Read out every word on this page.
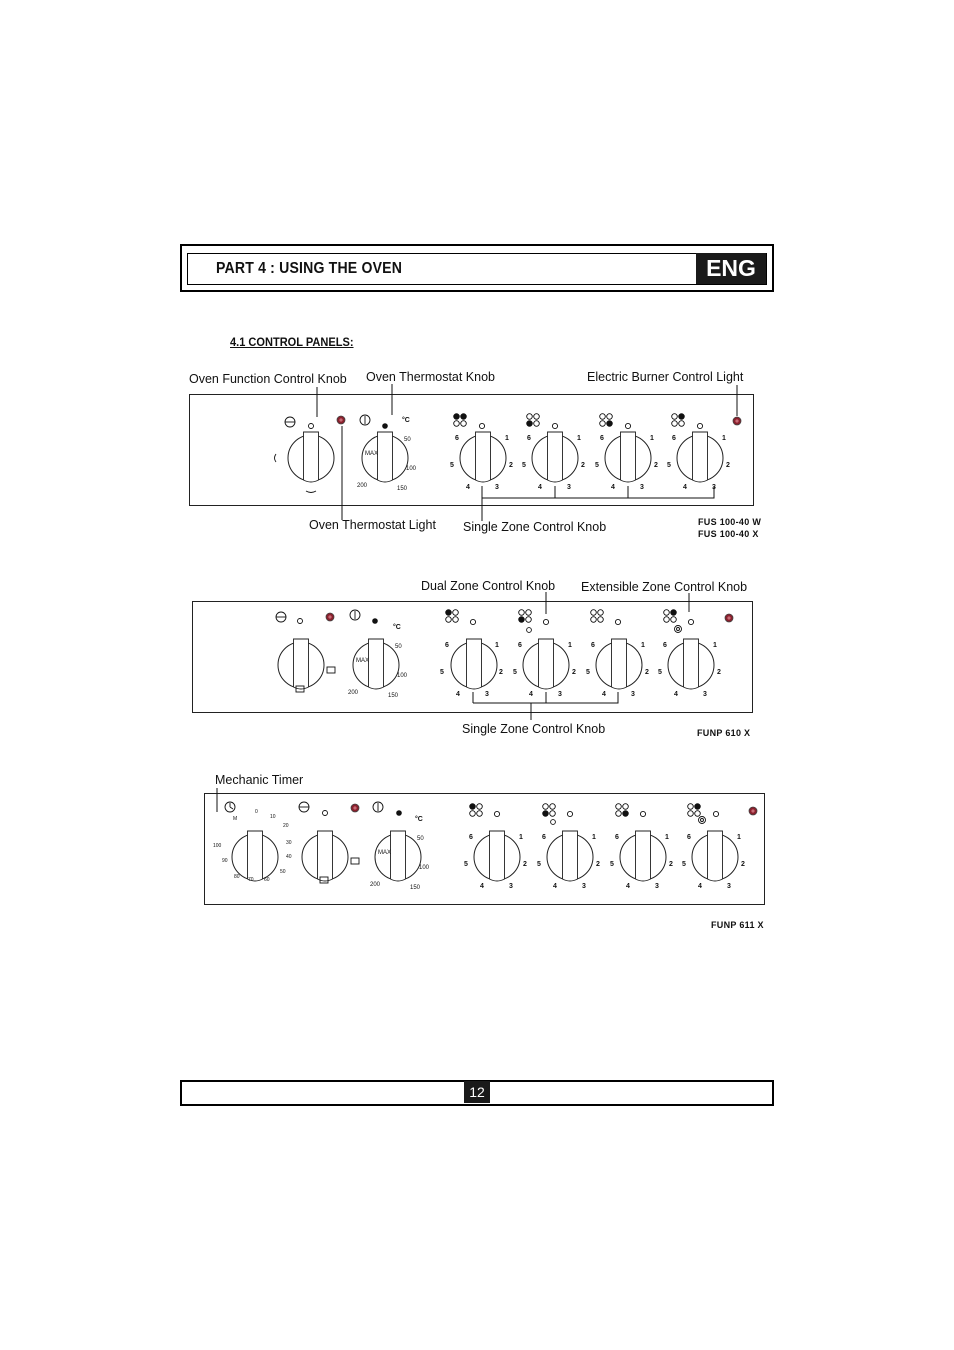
PART 4 : USING THE OVEN	ENG
4.1 CONTROL PANELS:
Oven Function Control Knob Oven Thermostat Knob	Electric Burner Control Light
Oven Thermostat Light Single Zone Control Knob	FUS 100-40 W
FUS 100-40 X
Dual Zone Control Knob Extensible Zone Control Knob
Single Zone Control Knob	FUNP 610 X
Mechanic Timer
FUNP 611 X
6	1
5	2
4	3
6	1
5	2
4	3
6	1
5	2
4	3
6	1
5	2
4	3
6	1
5	2
4	3
6	1
5	2
4	3
6	1
5	2
4	3
6	1
5	2
4	3
6	1
5	2
4	3
6	1
5	2
4	3
6	1
5	2
4	3
6	1
5	2
4	3
50
MAX
100
200	150
°C
50
MAX
100
200	150
°C
50
MAX
100
200	150
°C
0
10
20
30
40
50
60
70
80
90
100
M
12
